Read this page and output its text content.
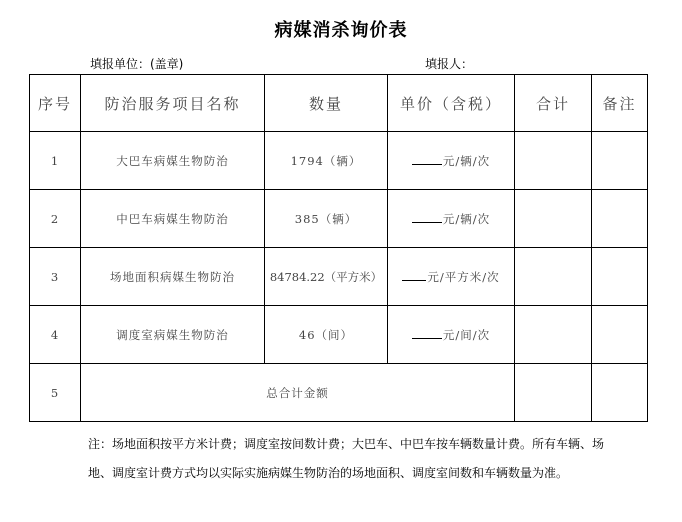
病媒消杀询价表
填报单位：(盖章)	填报人：
序号	防治服务项目名称	数量	单价（含税）	合计	备注
1	大巴车病媒生物防治	1794（辆）	元/辆/次		
2	中巴车病媒生物防治	385（辆）	元/辆/次		
3	场地面积病媒生物防治	84784.22（平方米）	元/平方米/次		
4	调度室病媒生物防治	46（间）	元/间/次		
5	总合计金额				
注：场地面积按平方米计费；调度室按间数计费；大巴车、中巴车按车辆数量计费。所有车辆、场地、调度室计费方式均以实际实施病媒生物防治的场地面积、调度室间数和车辆数量为准。
